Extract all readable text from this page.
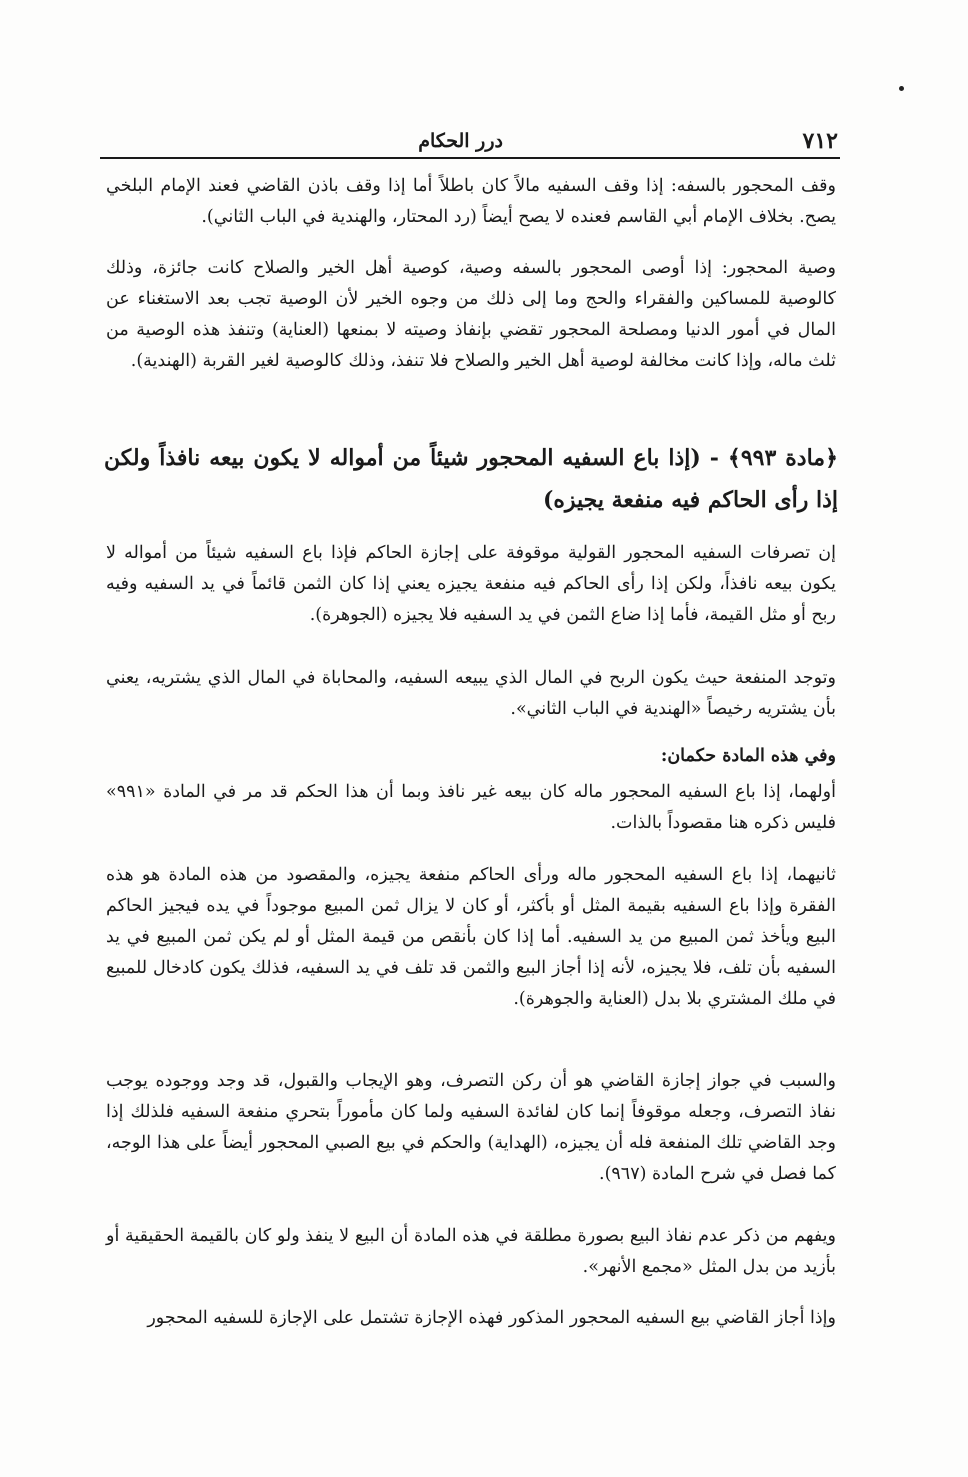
٧١٢
درر الحكام

وقف المحجور بالسفه: إذا وقف السفيه مالاً كان باطلاً أما إذا وقف باذن القاضي فعند الإمام البلخي يصح. بخلاف الإمام أبي القاسم فعنده لا يصح أيضاً (رد المحتار، والهندية في الباب الثاني).

وصية المحجور: إذا أوصى المحجور بالسفه وصية، كوصية أهل الخير والصلاح كانت جائزة، وذلك كالوصية للمساكين والفقراء والحج وما إلى ذلك من وجوه الخير لأن الوصية تجب بعد الاستغناء عن المال في أمور الدنيا ومصلحة المحجور تقضي بإنفاذ وصيته لا بمنعها (العناية) وتنفذ هذه الوصية من ثلث ماله، وإذا كانت مخالفة لوصية أهل الخير والصلاح فلا تنفذ، وذلك كالوصية لغير القربة (الهندية).

﴿مادة ٩٩٣﴾ - (إذا باع السفيه المحجور شيئاً من أمواله لا يكون بيعه نافذاً ولكن إذا رأى الحاكم فيه منفعة يجيزه)

إن تصرفات السفيه المحجور القولية موقوفة على إجازة الحاكم فإذا باع السفيه شيئاً من أمواله لا يكون بيعه نافذاً، ولكن إذا رأى الحاكم فيه منفعة يجيزه يعني إذا كان الثمن قائماً في يد السفيه وفيه ربح أو مثل القيمة، فأما إذا ضاع الثمن في يد السفيه فلا يجيزه (الجوهرة).

وتوجد المنفعة حيث يكون الربح في المال الذي يبيعه السفيه، والمحاباة في المال الذي يشتريه، يعني بأن يشتريه رخيصاً «الهندية في الباب الثاني».

وفي هذه المادة حكمان:

أولهما، إذا باع السفيه المحجور ماله كان بيعه غير نافذ وبما أن هذا الحكم قد مر في المادة «٩٩١» فليس ذكره هنا مقصوداً بالذات.

ثانيهما، إذا باع السفيه المحجور ماله ورأى الحاكم منفعة يجيزه، والمقصود من هذه المادة هو هذه الفقرة وإذا باع السفيه بقيمة المثل أو بأكثر، أو كان لا يزال ثمن المبيع موجوداً في يده فيجيز الحاكم البيع ويأخذ ثمن المبيع من يد السفيه. أما إذا كان بأنقص من قيمة المثل أو لم يكن ثمن المبيع في يد السفيه بأن تلف، فلا يجيزه، لأنه إذا أجاز البيع والثمن قد تلف في يد السفيه، فذلك يكون كادخال للمبيع في ملك المشتري بلا بدل (العناية والجوهرة).

والسبب في جواز إجازة القاضي هو أن ركن التصرف، وهو الإيجاب والقبول، قد وجد ووجوده يوجب نفاذ التصرف، وجعله موقوفاً إنما كان لفائدة السفيه ولما كان مأموراً بتحري منفعة السفيه فلذلك إذا وجد القاضي تلك المنفعة فله أن يجيزه، (الهداية) والحكم في بيع الصبي المحجور أيضاً على هذا الوجه، كما فصل في شرح المادة (٩٦٧).

ويفهم من ذكر عدم نفاذ البيع بصورة مطلقة في هذه المادة أن البيع لا ينفذ ولو كان بالقيمة الحقيقية أو بأزيد من بدل المثل «مجمع الأنهر».

وإذا أجاز القاضي بيع السفيه المحجور المذكور فهذه الإجازة تشتمل على الإجازة للسفيه المحجور
